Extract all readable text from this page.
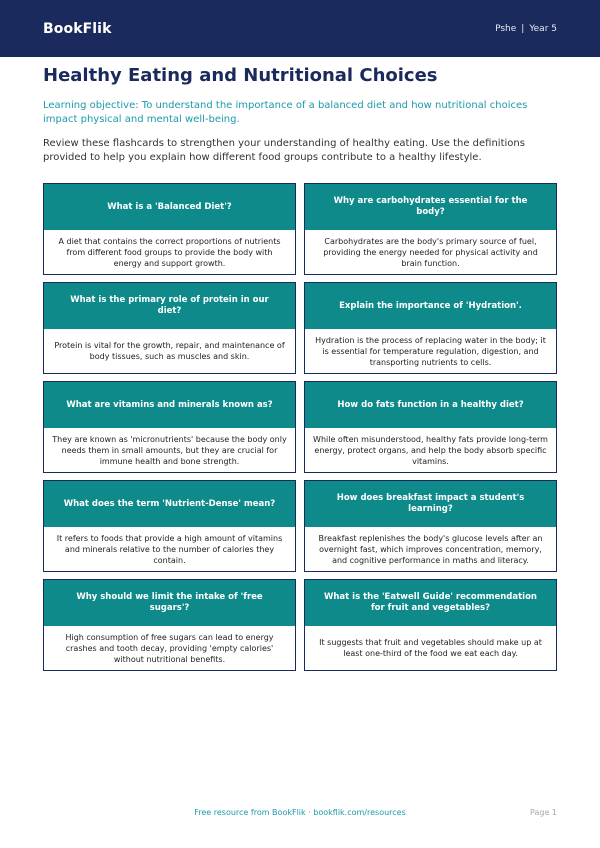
BookFlik	Pshe | Year 5
Healthy Eating and Nutritional Choices

Learning objective: To understand the importance of a balanced diet and how nutritional choices impact physical and mental well-being.

Review these flashcards to strengthen your understanding of healthy eating. Use the definitions provided to help you explain how different food groups contribute to a healthy lifestyle.

What is a 'Balanced Diet'?
A diet that contains the correct proportions of nutrients from different food groups to provide the body with energy and support growth.
Why are carbohydrates essential for the body?
Carbohydrates are the body's primary source of fuel, providing the energy needed for physical activity and brain function.
What is the primary role of protein in our diet?
Protein is vital for the growth, repair, and maintenance of body tissues, such as muscles and skin.
Explain the importance of 'Hydration'.
Hydration is the process of replacing water in the body; it is essential for temperature regulation, digestion, and transporting nutrients to cells.
What are vitamins and minerals known as?
They are known as 'micronutrients' because the body only needs them in small amounts, but they are crucial for immune health and bone strength.
How do fats function in a healthy diet?
While often misunderstood, healthy fats provide long-term energy, protect organs, and help the body absorb specific vitamins.
What does the term 'Nutrient-Dense' mean?
It refers to foods that provide a high amount of vitamins and minerals relative to the number of calories they contain.
How does breakfast impact a student's learning?
Breakfast replenishes the body's glucose levels after an overnight fast, which improves concentration, memory, and cognitive performance in maths and literacy.
Why should we limit the intake of 'free sugars'?
High consumption of free sugars can lead to energy crashes and tooth decay, providing 'empty calories' without nutritional benefits.
What is the 'Eatwell Guide' recommendation for fruit and vegetables?
It suggests that fruit and vegetables should make up at least one-third of the food we eat each day.
Free resource from BookFlik · bookflik.com/resources	Page 1
